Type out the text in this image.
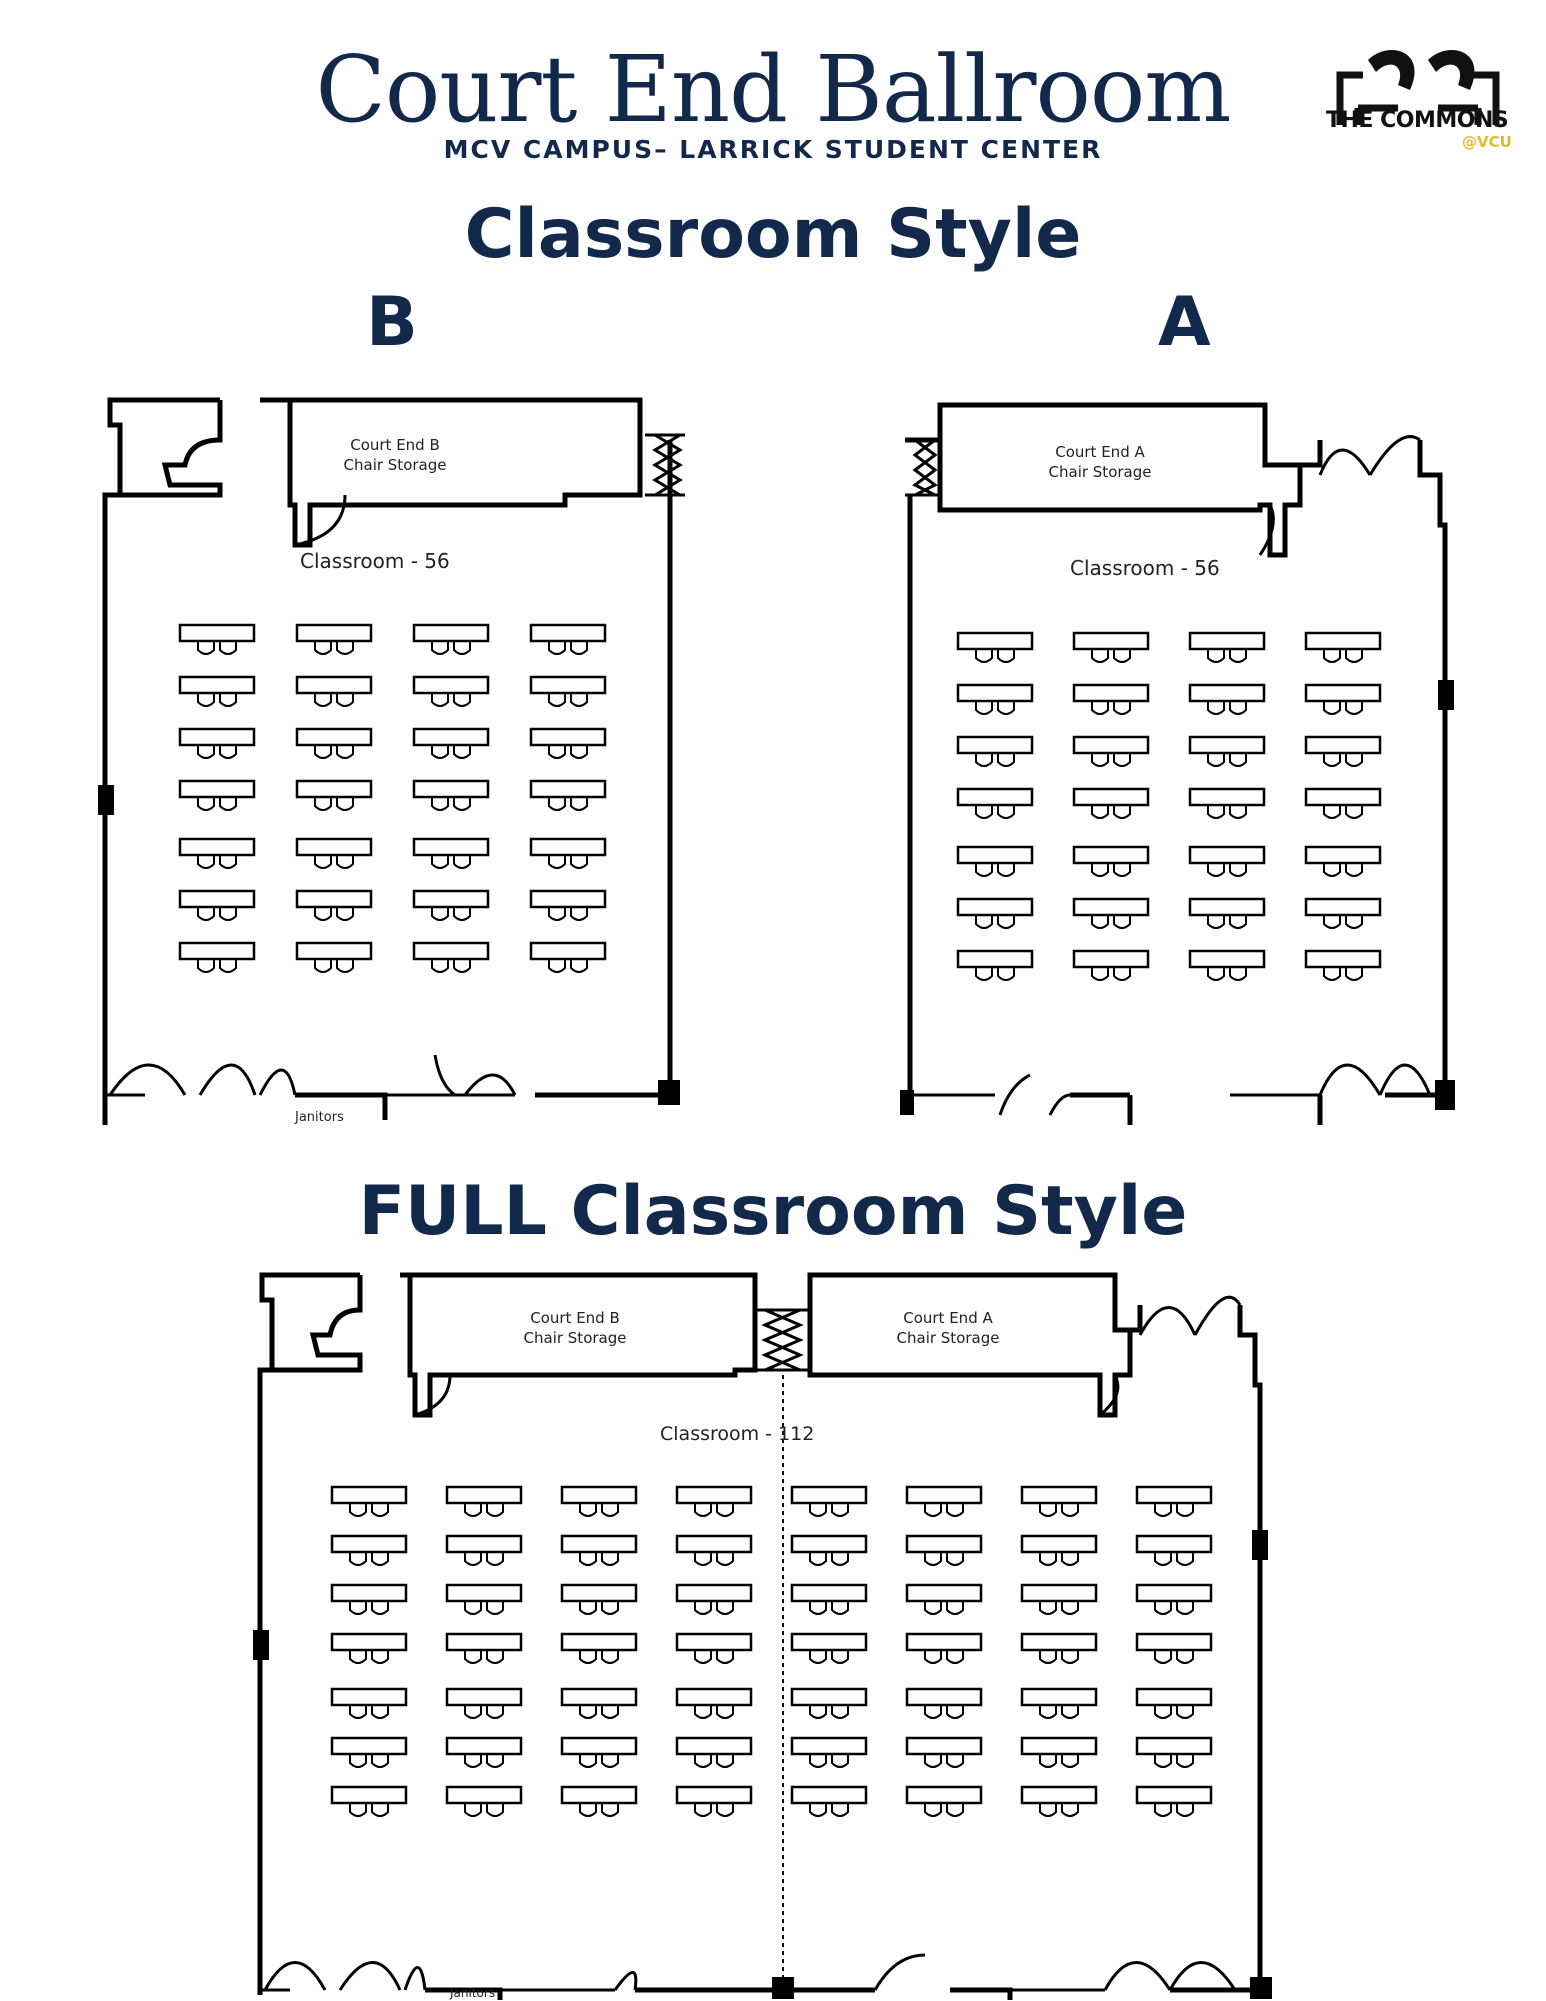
Court End Ballroom
MCV CAMPUS– LARRICK STUDENT CENTER
THE COMMONS
@VCU
Classroom Style
B	A
Janitors
Court End B
Chair Storage
Classroom - 56
Court End A
Chair Storage
Classroom - 56
FULL Classroom Style
Janitors
Court End B
Chair Storage
Court End A
Chair Storage
Classroom - 112
